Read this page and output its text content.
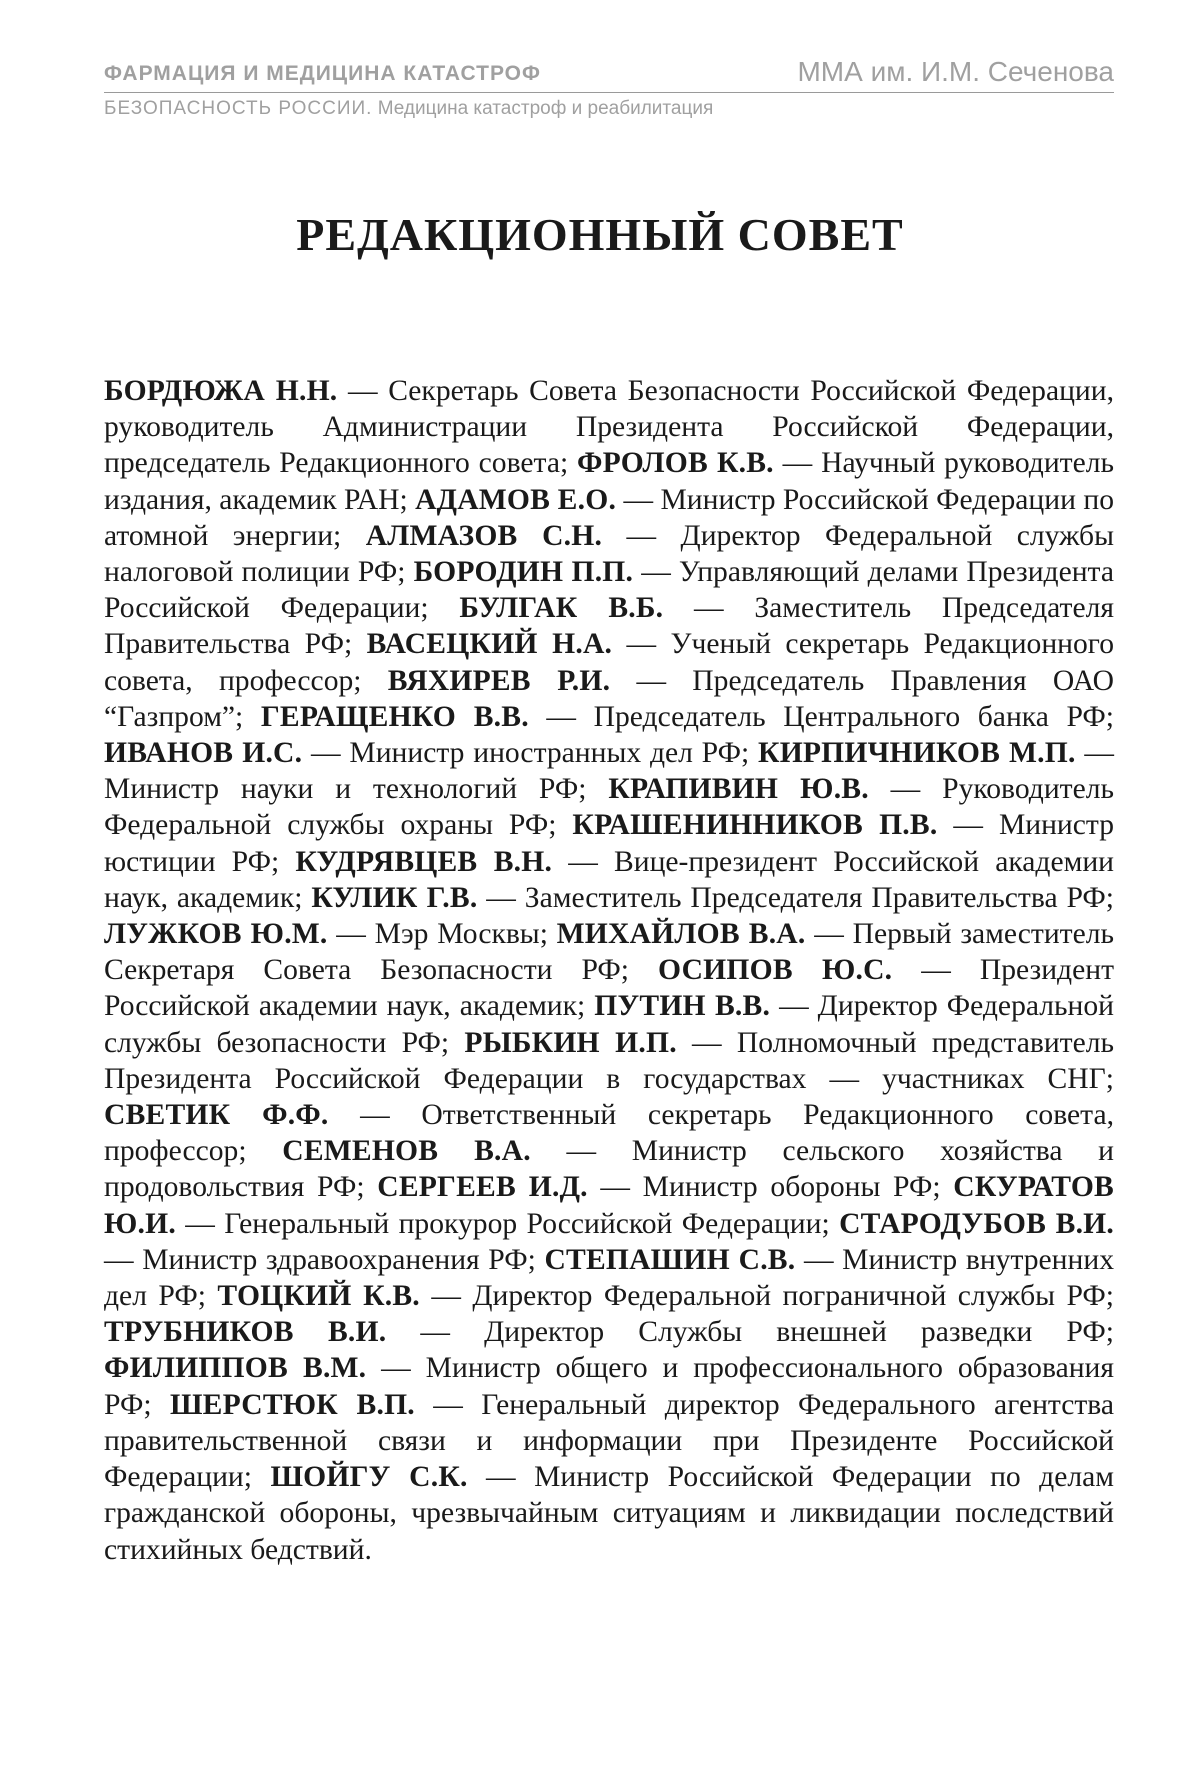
ФАРМАЦИЯ И МЕДИЦИНА КАТАСТРОФ	ММА им. И.М. Сеченова
БЕЗОПАСНОСТЬ РОССИИ. Медицина катастроф и реабилитация
РЕДАКЦИОННЫЙ СОВЕТ
БОРДЮЖА Н.Н. — Секретарь Совета Безопасности Российской Федерации, руководитель Администрации Президента Российской Федерации, председатель Редакционного совета; ФРОЛОВ К.В. — Научный руководитель издания, академик РАН; АДАМОВ Е.О. — Министр Российской Федерации по атомной энергии; АЛМАЗОВ С.Н. — Директор Федеральной службы налоговой полиции РФ; БОРОДИН П.П. — Управляющий делами Президента Российской Федерации; БУЛГАК В.Б. — Заместитель Председателя Правительства РФ; ВАСЕЦКИЙ Н.А. — Ученый секретарь Редакционного совета, профессор; ВЯХИРЕВ Р.И. — Председатель Правления ОАО “Газпром”; ГЕРАЩЕНКО В.В. — Председатель Центрального банка РФ; ИВАНОВ И.С. — Министр иностранных дел РФ; КИРПИЧНИКОВ М.П. — Министр науки и технологий РФ; КРАПИВИН Ю.В. — Руководитель Федеральной службы охраны РФ; КРАШЕНИННИКОВ П.В. — Министр юстиции РФ; КУДРЯВЦЕВ В.Н. — Вице-президент Российской академии наук, академик; КУЛИК Г.В. — Заместитель Председателя Правительства РФ; ЛУЖКОВ Ю.М. — Мэр Москвы; МИХАЙЛОВ В.А. — Первый заместитель Секретаря Совета Безопасности РФ; ОСИПОВ Ю.С. — Президент Российской академии наук, академик; ПУТИН В.В. — Директор Федеральной службы безопасности РФ; РЫБКИН И.П. — Полномочный представитель Президента Российской Федерации в государствах — участниках СНГ; СВЕТИК Ф.Ф. — Ответственный секретарь Редакционного совета, профессор; СЕМЕНОВ В.А. — Министр сельского хозяйства и продовольствия РФ; СЕРГЕЕВ И.Д. — Министр обороны РФ; СКУРАТОВ Ю.И. — Генеральный прокурор Российской Федерации; СТАРОДУБОВ В.И. — Министр здравоохранения РФ; СТЕПАШИН С.В. — Министр внутренних дел РФ; ТОЦКИЙ К.В. — Директор Федеральной пограничной службы РФ; ТРУБНИКОВ В.И. — Директор Службы внешней разведки РФ; ФИЛИППОВ В.М. — Министр общего и профессионального образования РФ; ШЕРСТЮК В.П. — Генеральный директор Федерального агентства правительственной связи и информации при Президенте Российской Федерации; ШОЙГУ С.К. — Министр Российской Федерации по делам гражданской обороны, чрезвычайным ситуациям и ликвидации последствий стихийных бедствий.
